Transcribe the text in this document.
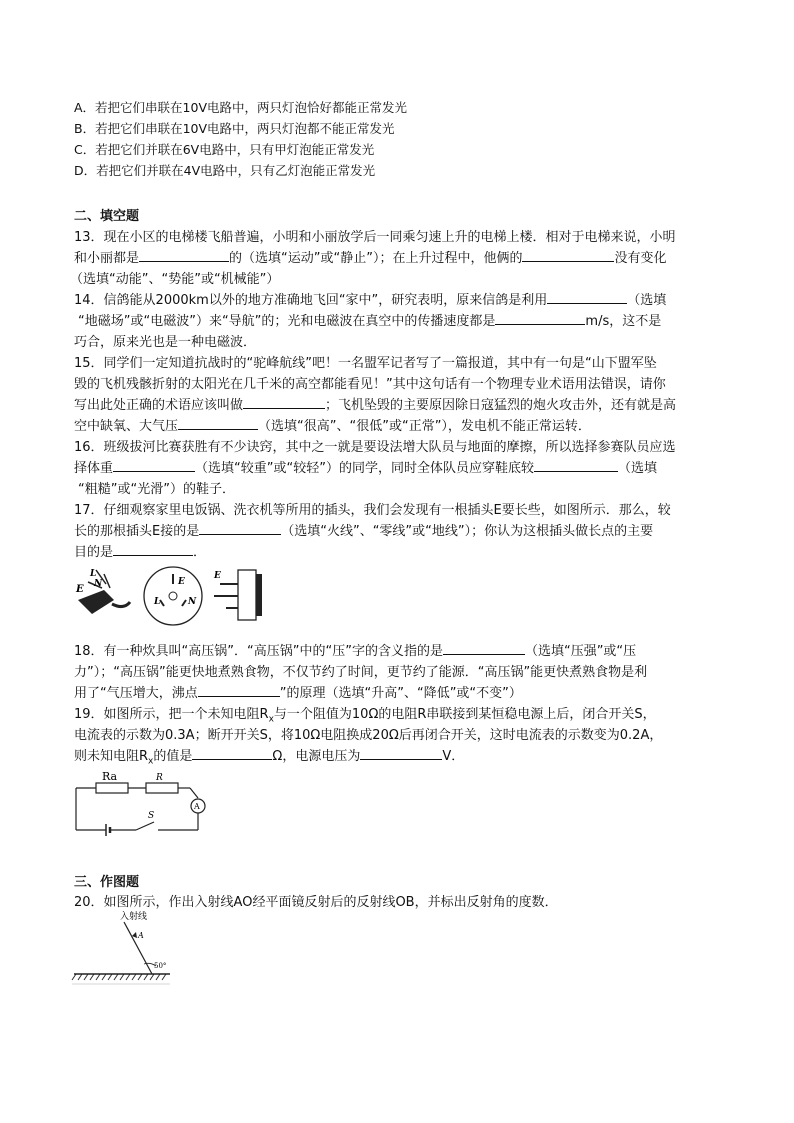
A．若把它们串联在10V电路中，两只灯泡恰好都能正常发光
B．若把它们串联在10V电路中，两只灯泡都不能正常发光
C．若把它们并联在6V电路中，只有甲灯泡能正常发光
D．若把它们并联在4V电路中，只有乙灯泡能正常发光
二、填空题
13．现在小区的电梯楼飞船普遍，小明和小丽放学后一同乘匀速上升的电梯上楼．相对于电梯来说，小明
和小丽都是	的（选填“运动”或“静止”）；在上升过程中，他俩的	没有变化
（选填“动能”、“势能”或“机械能”）
14．信鸽能从2000km以外的地方准确地飞回“家中”，研究表明，原来信鸽是利用	（选填
“地磁场”或“电磁波”）来“导航”的；光和电磁波在真空中的传播速度都是	m/s，这不是
巧合，原来光也是一种电磁波．
15．同学们一定知道抗战时的“驼峰航线”吧！一名盟军记者写了一篇报道，其中有一句是“山下盟军坠
毁的飞机残骸折射的太阳光在几千米的高空都能看见！”其中这句话有一个物理专业术语用法错误，请你
写出此处正确的术语应该叫做	；飞机坠毁的主要原因除日寇猛烈的炮火攻击外，还有就是高
空中缺氧、大气压	（选填“很高”、“很低”或“正常”），发电机不能正常运转．
16．班级拔河比赛获胜有不少诀窍，其中之一就是要设法增大队员与地面的摩擦，所以选择参赛队员应选
择体重	（选填“较重”或“较轻”）的同学，同时全体队员应穿鞋底较	（选填
“粗糙”或“光滑”）的鞋子．
17．仔细观察家里电饭锅、洗衣机等所用的插头，我们会发现有一根插头E要长些，如图所示．那么，较
长的那根插头E接的是	（选填“火线”、“零线”或“地线”）；你认为这根插头做长点的主要
目的是	．
E
L
N	E
L	N
E
18．有一种炊具叫“高压锅”．“高压锅”中的“压”字的含义指的是	（选填“压强”或“压
力”）；“高压锅”能更快地煮熟食物，不仅节约了时间，更节约了能源．“高压锅”能更快煮熟食物是利
用了“气压增大，沸点	”的原理（选填“升高”、“降低”或“不变”）
19．如图所示，把一个未知电阻$R_x$与一个阻值为10Ω的电阻R串联接到某恒稳电源上后，闭合开关S，
电流表的示数为0.3A；断开开关S，将10Ω电阻换成20Ω后再闭合开关，这时电流表的示数变为0.2A，
则未知电阻$R_x$的值是	Ω，电源电压为	V．
A
Ra	R
S
三、作图题
20．如图所示，作出入射线AO经平面镜反射后的反射线OB，并标出反射角的度数．
入射线
A
50°
